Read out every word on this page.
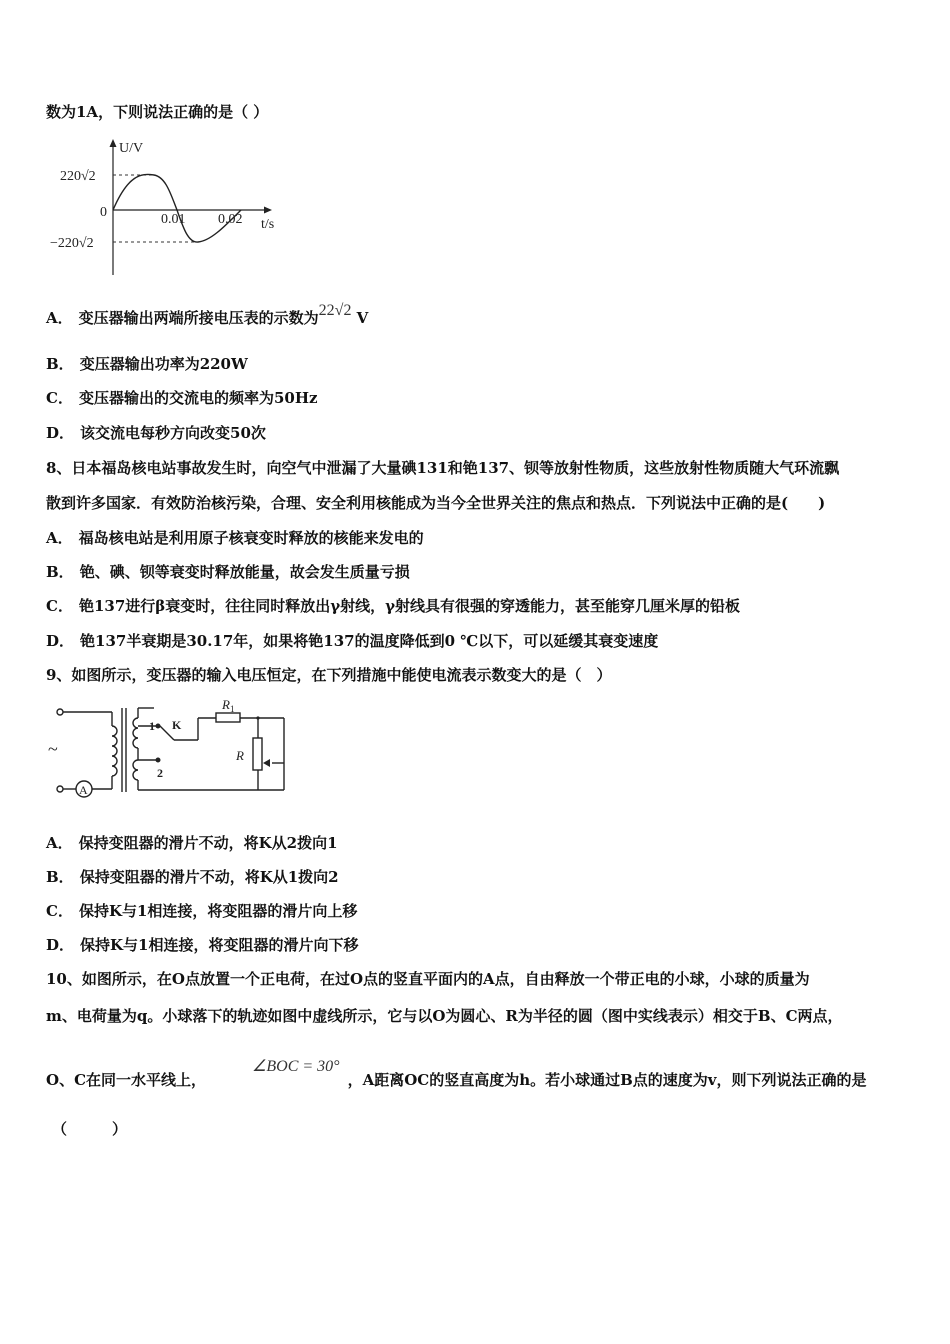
数为1A，下则说法正确的是（ ）
U/V
t/s
220√2
−220√2
0	0.01 0.02
A． 变压器输出两端所接电压表的示数为22√2 V
B． 变压器输出功率为220W
C． 变压器输出的交流电的频率为50Hz
D． 该交流电每秒方向改变50次
8、日本福岛核电站事故发生时，向空气中泄漏了大量碘131和铯137、钡等放射性物质，这些放射性物质随大气环流飘
散到许多国家．有效防治核污染，合理、安全利用核能成为当今全世界关注的焦点和热点．下列说法中正确的是(　　)
A． 福岛核电站是利用原子核衰变时释放的核能来发电的
B． 铯、碘、钡等衰变时释放能量，故会发生质量亏损
C． 铯137进行β衰变时，往往同时释放出γ射线，γ射线具有很强的穿透能力，甚至能穿几厘米厚的铅板
D． 铯137半衰期是30.17年，如果将铯137的温度降低到0 ℃以下，可以延缓其衰变速度
9、如图所示，变压器的输入电压恒定，在下列措施中能使电流表示数变大的是（　）
~
A
1
2
K
$R_1$
R
A． 保持变阻器的滑片不动，将K从2拨向1
B． 保持变阻器的滑片不动，将K从1拨向2
C． 保持K与1相连接，将变阻器的滑片向上移
D． 保持K与1相连接，将变阻器的滑片向下移
10、如图所示，在O点放置一个正电荷，在过O点的竖直平面内的A点，自由释放一个带正电的小球，小球的质量为
m、电荷量为q。小球落下的轨迹如图中虚线所示，它与以O为圆心、R为半径的圆（图中实线表示）相交于B、C两点，
O、C在同一水平线上，∠BOC = 30°，A距离OC的竖直高度为h。若小球通过B点的速度为v，则下列说法正确的是
（　　　）
